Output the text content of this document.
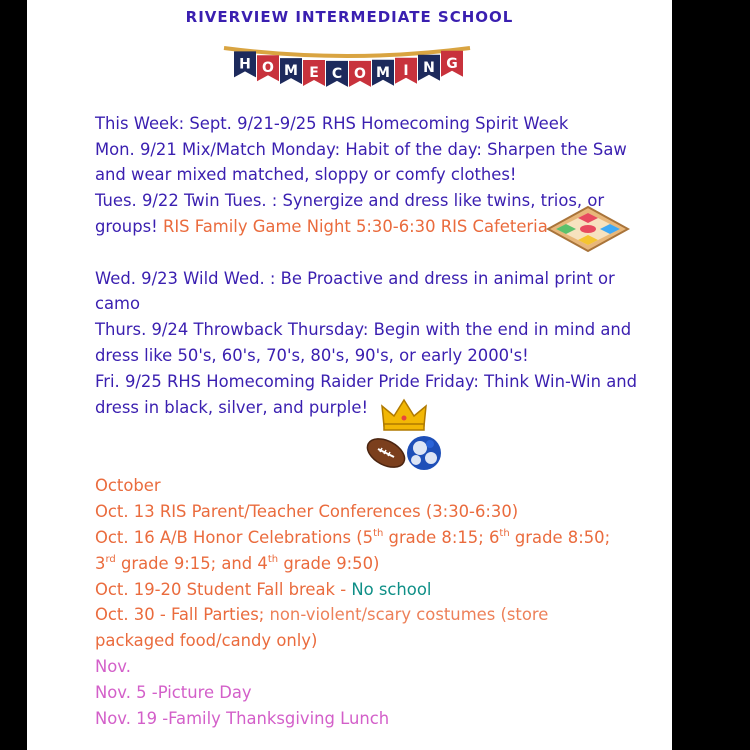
RIVERVIEW INTERMEDIATE SCHOOL
H O M E C O M I N G
This Week: Sept. 9/21-9/25 RHS Homecoming Spirit Week
Mon. 9/21 Mix/Match Monday: Habit of the day: Sharpen the Saw
and wear mixed matched, sloppy or comfy clothes!
Tues. 9/22 Twin Tues. : Synergize and dress like twins, trios, or
groups! RIS Family Game Night 5:30-6:30 RIS Cafeteria
Wed. 9/23 Wild Wed. : Be Proactive and dress in animal print or
camo
Thurs. 9/24 Throwback Thursday: Begin with the end in mind and
dress like 50's, 60's, 70's, 80's, 90's, or early 2000's!
Fri. 9/25 RHS Homecoming Raider Pride Friday: Think Win-Win and
dress in black, silver, and purple!
October
Oct. 13 RIS Parent/Teacher Conferences (3:30-6:30)
Oct. 16 A/B Honor Celebrations (5th grade 8:15; 6th grade 8:50;
3rd grade 9:15; and 4th grade 9:50)
Oct. 19-20 Student Fall break - No school
Oct. 30 - Fall Parties; non-violent/scary costumes (store
packaged food/candy only)
Nov.
Nov. 5 -Picture Day
Nov. 19 -Family Thanksgiving Lunch
